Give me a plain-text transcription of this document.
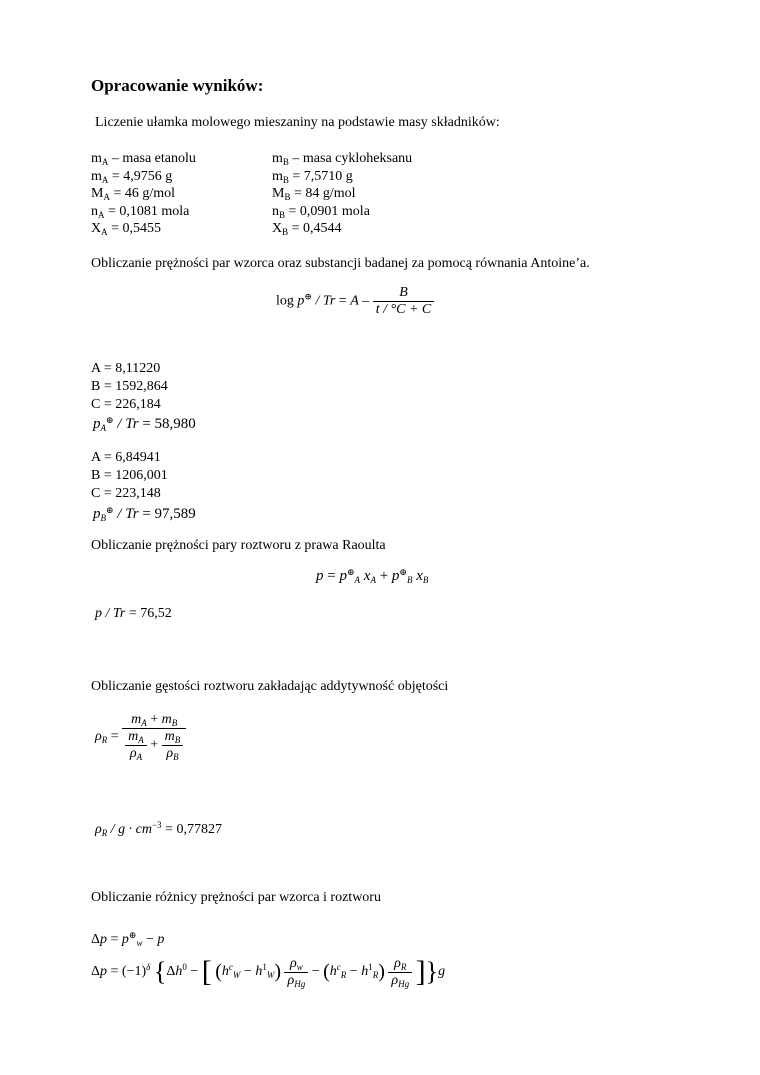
Opracowanie wyników:
Liczenie ułamka molowego mieszaniny na podstawie masy składników:
$m_A$ – masa etanolu
$m_A = 4,9756$ g
$M_A = 46$ g/mol
$n_A = 0,1081$ mola
$X_A = 0,5455$
$m_B$ – masa cykloheksanu
$m_B = 7,5710$ g
$M_B = 84$ g/mol
$n_B = 0,0901$ mola
$X_B = 0,4544$
Obliczanie prężności par wzorca oraz substancji badanej za pomocą równania Antoine’a.
$\log p^\oplus / Tr = A - \frac{B}{t / ^\circ C + C}$
A = 8,11220
B = 1592,864
C = 226,184
$p_A^\oplus / Tr = 58,980$
A = 6,84941
B = 1206,001
C = 223,148
$p_B^\oplus / Tr = 97,589$
Obliczanie prężności pary roztworu z prawa Raoulta
$p = p^\oplus_A$ $x_A + p^\oplus_B$ $x_B$
p / Tr = 76,52
Obliczanie gęstości roztworu zakładając addytywność objętości
$\rho_R = \frac{m_A + m_B}{\frac{m_A}{\rho_A} + \frac{m_B}{\rho_B}}$
$\rho_R / g \cdot cm^{-3} = 0,77827$
Obliczanie różnicy prężności par wzorca i roztworu
$\Delta p = p^\oplus_w - p$
$\Delta p = (-1)^\delta$ {$\Delta h^0$ − [ $(h^c_W - h^1_W) \frac{\rho_w}{\rho_{Hg}} - (h^c_R - h^1_R) \frac{\rho_R}{\rho_{Hg}} ]\}g$
